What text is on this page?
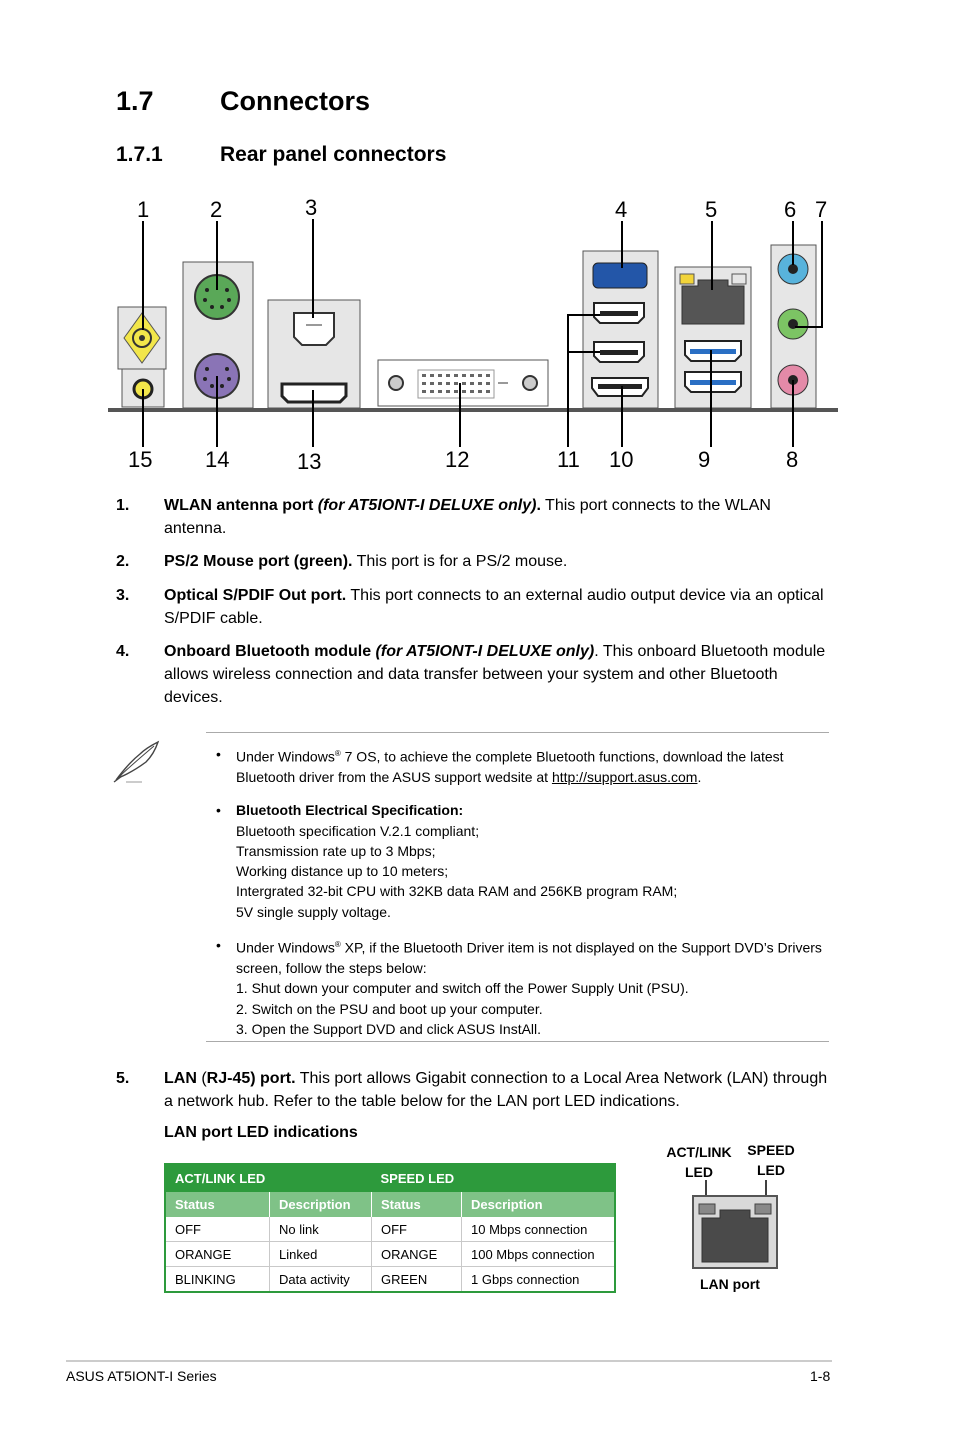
1.7 Connectors
1.7.1	Rear panel connectors
1	2	3	4	5	6 7
15 14	13	12	11 10	9	8
1. WLAN antenna port (for AT5IONT-I DELUXE only). This port connects to the WLAN antenna.
2. PS/2 Mouse port (green). This port is for a PS/2 mouse.
3. Optical S/PDIF Out port. This port connects to an external audio output device via an optical S/PDIF cable.
4. Onboard Bluetooth module (for AT5IONT-I DELUXE only). This onboard Bluetooth module allows wireless connection and data transfer between your system and other Bluetooth devices.
• Under Windows® 7 OS, to achieve the complete Bluetooth functions, download the latest Bluetooth driver from the ASUS support wedsite at http://support.asus.com.

• Bluetooth Electrical Specification:

Bluetooth specification V.2.1 compliant;

Transmission rate up to 3 Mbps;

Working distance up to 10 meters;

Intergrated 32-bit CPU with 32KB data RAM and 256KB program RAM;

5V single supply voltage.

• Under Windows® XP, if the Bluetooth Driver item is not displayed on the Support DVD’s Drivers screen, follow the steps below:

1. Shut down your computer and switch off the Power Supply Unit (PSU).

2. Switch on the PSU and boot up your computer.

3. Open the Support DVD and click ASUS InstAll.

5. LAN (RJ-45) port. This port allows Gigabit connection to a Local Area Network (LAN) through a network hub. Refer to the table below for the LAN port LED indications.
LAN port LED indications
ACT/LINK LED		SPEED LED	
Status	Description	Status	Description
OFF	No link	OFF	10 Mbps connection
ORANGE	Linked	ORANGE	100 Mbps connection
BLINKING	Data activity	GREEN	1 Gbps connection
ACT/LINK
LED
SPEED
LED
LAN port
ASUS AT5IONT-I Series	1-8
